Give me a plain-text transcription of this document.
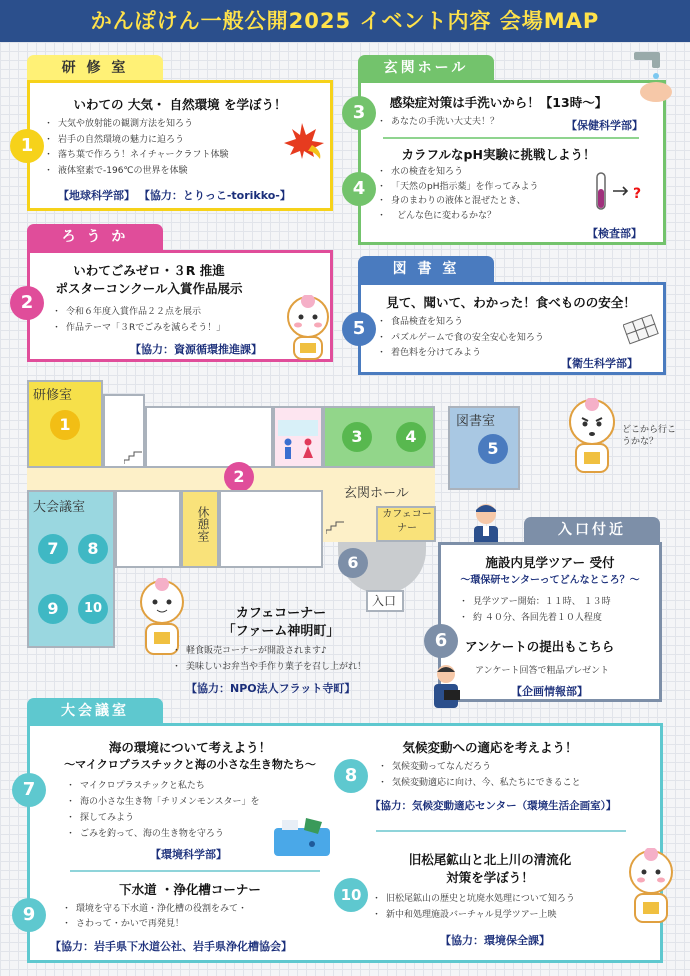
かんぽけん一般公開2025 イベント内容 会場MAP
研 修 室
いわての 大気・ 自然環境 を学ぼう！
・ 大気や放射能の観測方法を知ろう
・ 岩手の自然環境の魅力に迫ろう
・ 落ち葉で作ろう！ネイチャークラフト体験
・ 液体窒素で-196℃の世界を体験
【地球科学部】 【協力：とりっこ-torikko-】
1
ろ う か
いわてごみゼロ・３R 推進
ポスターコンクール入賞作品展示
・ 令和６年度入賞作品２２点を展示
・ 作品テーマ「３Rでごみを減らそう！」
【協力：資源循環推進課】
2
玄関ホール
感染症対策は手洗いから！【13時～】
・ あなたの手洗い大丈夫！？	【保健科学部】
カラフルなpH実験に挑戦しよう！
・ 水の検査を知ろう
・ 「天然のpH指示薬」を作ってみよう
・ 身のまわりの液体と混ぜたとき、
・ どんな色に変わるかな？
【検査部】
?
3
4
図 書 室
見て、聞いて、わかった！食べものの安全！
・ 食品検査を知ろう
・ パズルゲームで食の安全安心を知ろう
・ 着色料を分けてみよう
【衛生科学部】
5
研修室
1
3	4
図書室
5
2
大会議室
7	8
9	10
休憩室
玄関ホール
カフェコーナー
6
入口
どこから行こうかな？
入口付近
施設内見学ツアー 受付
～環保研センターってどんなところ？～
・ 見学ツアー開始：１１時、 １３時
・ 約 ４０分、各回先着１０人程度
アンケートの提出もこちら
アンケート回答で粗品プレゼント
【企画情報部】
6
カフェコーナー
「ファーム神明町」
・ 軽食販売コーナーが開設されます♪
・ 美味しいお弁当や手作り菓子を召し上がれ！
【協力：NPO法人フラット寺町】
大会議室
海の環境について考えよう！
～マイクロプラスチックと海の小さな生き物たち～
・ マイクロプラスチックと私たち
・ 海の小さな生き物「チリメンモンスター」を
・ 探してみよう
・ ごみを釣って、海の生き物を守ろう
【環境科学部】
下水道 ・浄化槽コーナー
・ 環境を守る下水道・浄化槽の役割をみて・
・ さわって・かいで再発見！
【協力：岩手県下水道公社、岩手県浄化槽協会】
気候変動への適応を考えよう！
・ 気候変動ってなんだろう
・ 気候変動適応に向け、今、私たちにできること
【協力：気候変動適応センター（環境生活企画室）】
旧松尾鉱山と北上川の清流化
対策を学ぼう！
・ 旧松尾鉱山の歴史と坑廃水処理について知ろう
・ 新中和処理施設バーチャル見学ツアー上映
【協力：環境保全課】
7
9
8
10
